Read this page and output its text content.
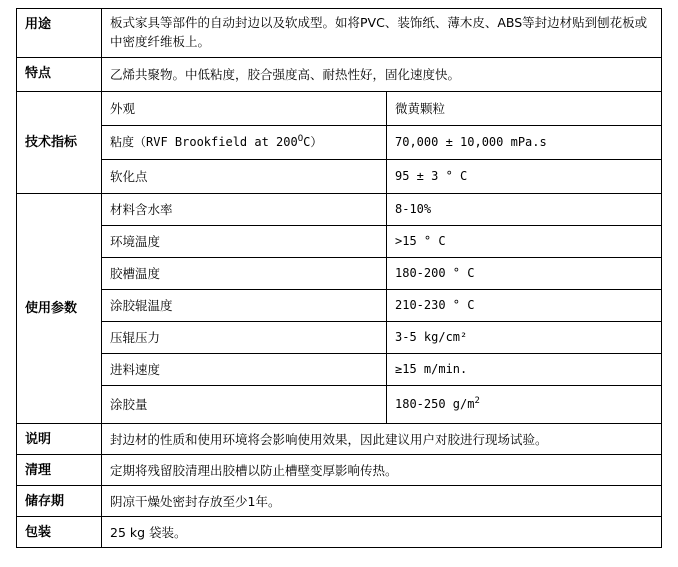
用途	板式家具等部件的自动封边以及软成型。如将PVC、装饰纸、薄木皮、ABS等封边材贴到刨花板或中密度纤维板上。	
特点	乙烯共聚物。中低粘度，胶合强度高、耐热性好，固化速度快。	
技术指标	外观	微黄颗粒
	粘度（RVF Brookfield at $200^OC$）	70,000 ± 10,000 mPa.s
	软化点	95 ± 3 ° C
使用参数	材料含水率	8-10%
	环境温度	>15 ° C
	胶槽温度	180-200 ° C
	涂胶辊温度	210-230 ° C
	压辊压力	3-5 kg/cm²
	进料速度	≥15 m/min.
	涂胶量	180-250 $g/m^2$
说明	封边材的性质和使用环境将会影响使用效果，因此建议用户对胶进行现场试验。	
清理	定期将残留胶清理出胶槽以防止槽壁变厚影响传热。	
储存期	阴凉干燥处密封存放至少1年。	
包装	25 kg 袋装。	
